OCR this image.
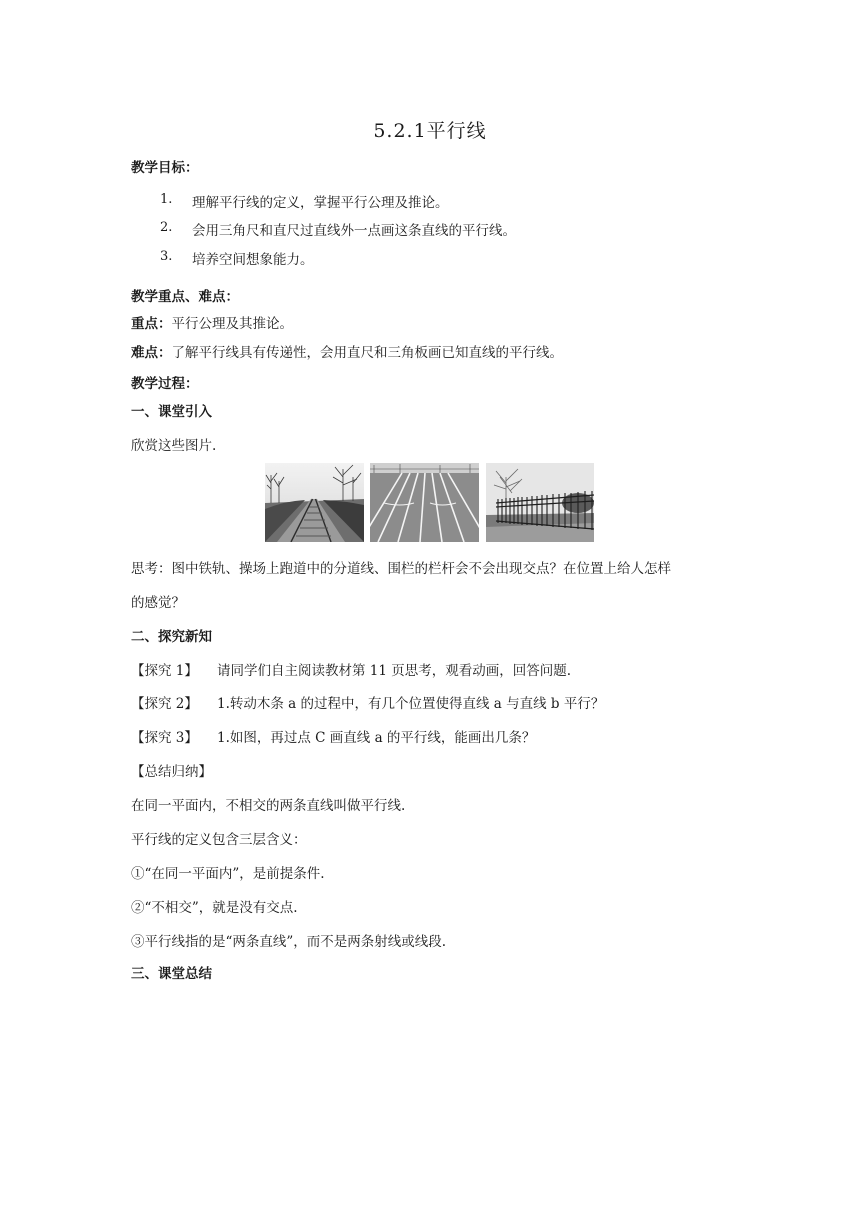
5.2.1平行线
教学目标：
1. 理解平行线的定义，掌握平行公理及推论。
2. 会用三角尺和直尺过直线外一点画这条直线的平行线。
3. 培养空间想象能力。
教学重点、难点：
重点：平行公理及其推论。
难点：了解平行线具有传递性，会用直尺和三角板画已知直线的平行线。
教学过程：
一、课堂引入
欣赏这些图片.
思考：图中铁轨、操场上跑道中的分道线、围栏的栏杆会不会出现交点？在位置上给人怎样
的感觉？
二、探究新知
【探究 1】 请同学们自主阅读教材第 11 页思考，观看动画，回答问题.
【探究 2】 1.转动木条 a 的过程中，有几个位置使得直线 a 与直线 b 平行？
【探究 3】 1.如图，再过点 C 画直线 a 的平行线，能画出几条？
【总结归纳】
在同一平面内，不相交的两条直线叫做平行线.
平行线的定义包含三层含义：
①“在同一平面内”，是前提条件.
②“不相交”，就是没有交点.
③平行线指的是“两条直线”，而不是两条射线或线段.
三、课堂总结
